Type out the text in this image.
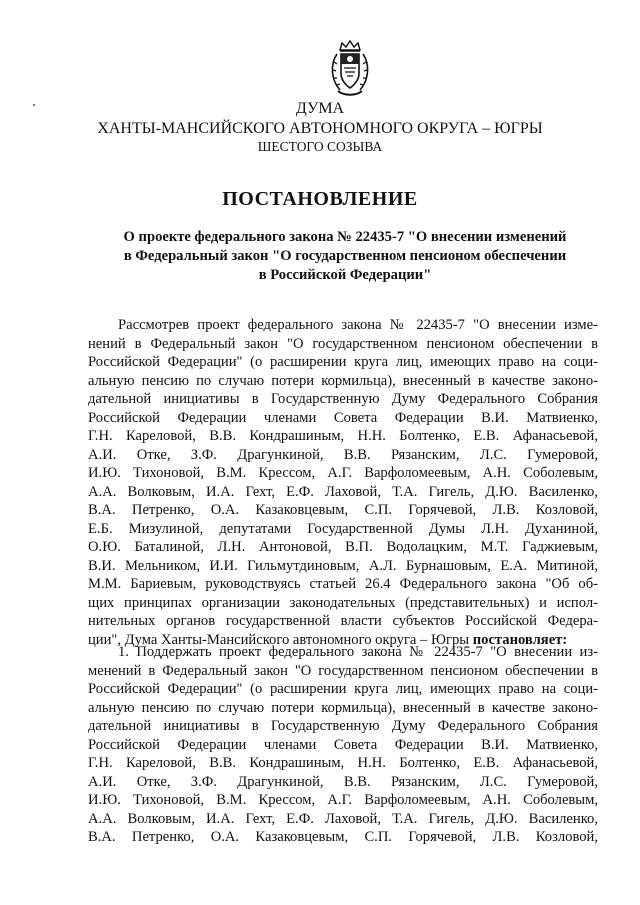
ДУМА
ХАНТЫ-МАНСИЙСКОГО АВТОНОМНОГО ОКРУГА – ЮГРЫ
ШЕСТОГО СОЗЫВА
ПОСТАНОВЛЕНИЕ
О проекте федерального закона № 22435-7 "О внесении изменений
в Федеральный закон "О государственном пенсионом обеспечении
в Российской Федерации"
Рассмотрев проект федерального закона № 22435-7 "О внесении изме-
нений в Федеральный закон "О государственном пенсионом обеспечении в
Российской Федерации" (о расширении круга лиц, имеющих право на соци-
альную пенсию по случаю потери кормильца), внесенный в качестве законо-
дательной инициативы в Государственную Думу Федерального Собрания
Российской Федерации членами Совета Федерации В.И. Матвиенко,
Г.Н. Кареловой, В.В. Кондрашиным, Н.Н. Болтенко, Е.В. Афанасьевой,
А.И. Отке, З.Ф. Драгункиной, В.В. Рязанским, Л.С. Гумеровой,
И.Ю. Тихоновой, В.М. Крессом, А.Г. Варфоломеевым, А.Н. Соболевым,
А.А. Волковым, И.А. Гехт, Е.Ф. Лаховой, Т.А. Гигель, Д.Ю. Василенко,
В.А. Петренко, О.А. Казаковцевым, С.П. Горячевой, Л.В. Козловой,
Е.Б. Мизулиной, депутатами Государственной Думы Л.Н. Духаниной,
О.Ю. Баталиной, Л.Н. Антоновой, В.П. Водолацким, М.Т. Гаджиевым,
В.И. Мельником, И.И. Гильмутдиновым, А.Л. Бурнашовым, Е.А. Митиной,
М.М. Бариевым, руководствуясь статьей 26.4 Федерального закона "Об об-
щих принципах организации законодательных (представительных) и испол-
нительных органов государственной власти субъектов Российской Федера-
ции", Дума Ханты-Мансийского автономного округа – Югры постановляет:
1. Поддержать проект федерального закона № 22435-7 "О внесении из-
менений в Федеральный закон "О государственном пенсионом обеспечении в
Российской Федерации" (о расширении круга лиц, имеющих право на соци-
альную пенсию по случаю потери кормильца), внесенный в качестве законо-
дательной инициативы в Государственную Думу Федерального Собрания
Российской Федерации членами Совета Федерации В.И. Матвиенко,
Г.Н. Кареловой, В.В. Кондрашиным, Н.Н. Болтенко, Е.В. Афанасьевой,
А.И. Отке, З.Ф. Драгункиной, В.В. Рязанским, Л.С. Гумеровой,
И.Ю. Тихоновой, В.М. Крессом, А.Г. Варфоломеевым, А.Н. Соболевым,
А.А. Волковым, И.А. Гехт, Е.Ф. Лаховой, Т.А. Гигель, Д.Ю. Василенко,
В.А. Петренко, О.А. Казаковцевым, С.П. Горячевой, Л.В. Козловой,
